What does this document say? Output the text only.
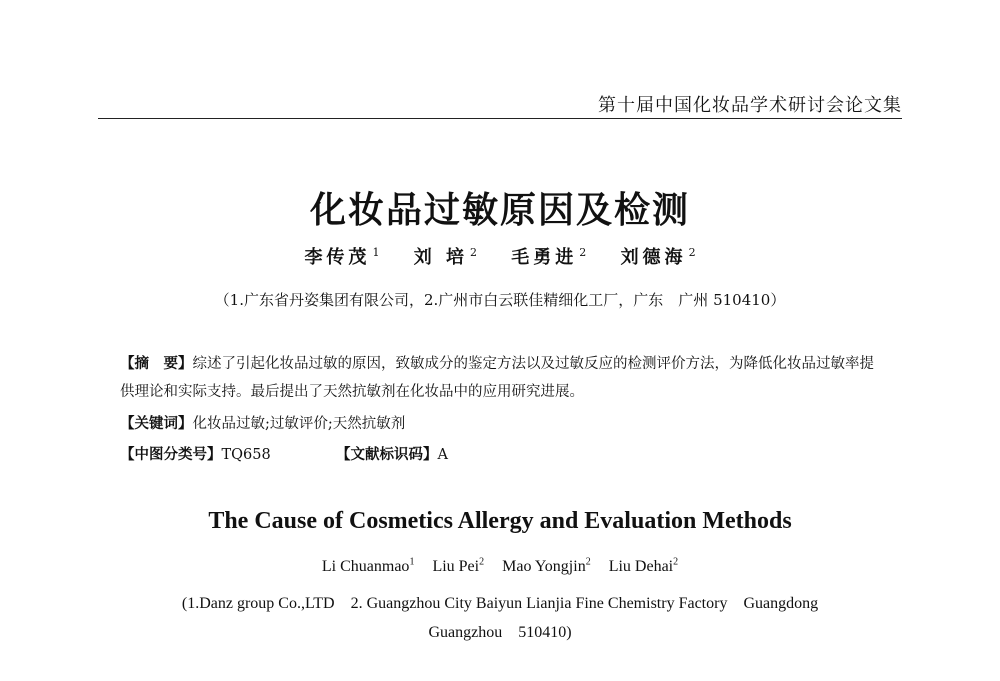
第十届中国化妆品学术研讨会论文集
化妆品过敏原因及检测
李传茂 $^1$ 刘 培 $^2$ 毛勇进 $^2$ 刘德海 $^2$
（1.广东省丹姿集团有限公司，2.广州市白云联佳精细化工厂，广东　广州 510410）
【摘　要】综述了引起化妆品过敏的原因，致敏成分的鉴定方法以及过敏反应的检测评价方法，为降低化妆品过敏率提供理论和实际支持。最后提出了天然抗敏剂在化妆品中的应用研究进展。
【关键词】化妆品过敏;过敏评价;天然抗敏剂
【中图分类号】TQ658	【文献标识码】A
The Cause of Cosmetics Allergy and Evaluation Methods
Li Chuanmao$^1$ Liu Pei$^2$ Mao Yongjin$^2$ Liu Dehai$^2$
(1.Danz group Co.,LTD　2. Guangzhou City Baiyun Lianjia Fine Chemistry Factory　Guangdong
Guangzhou　510410)
